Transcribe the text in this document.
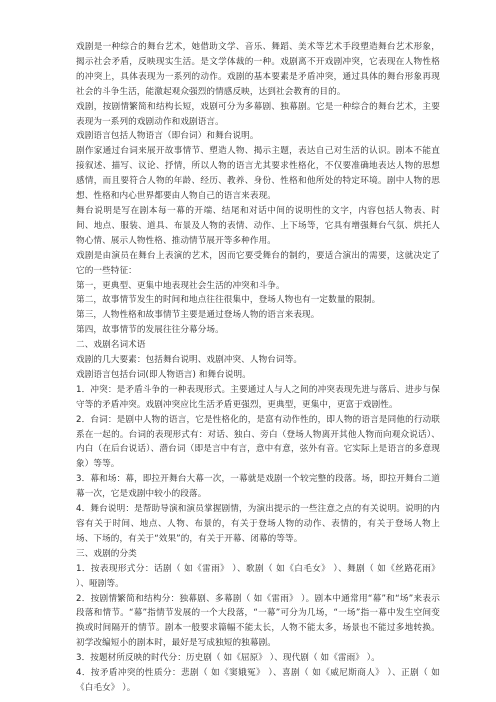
戏剧是一种综合的舞台艺术，她借助文学、音乐、舞蹈、美术等艺术手段塑造舞台艺术形象，揭示社会矛盾，反映现实生活。是文学体裁的一种。戏剧离不开戏剧冲突，它表现在人物性格的冲突上，具体表现为一系列的动作。戏剧的基本要素是矛盾冲突，通过具体的舞台形象再现社会的斗争生活，能激起观众强烈的情感反映，达到社会教育的目的。

戏剧，按剧情繁简和结构长短，戏剧可分为多幕剧、独幕剧。它是一种综合的舞台艺术，主要表现为一系列的戏剧动作和戏剧语言。

戏剧语言包括人物语言（即台词）和舞台说明。

剧作家通过台词来展开故事情节、塑造人物、揭示主题，表达自己对生活的认识。剧本不能直接叙述、描写、议论、抒情，所以人物的语言尤其要求性格化，不仅要准确地表达人物的思想感情，而且要符合人物的年龄、经历、教养、身份、性格和他所处的特定环境。剧中人物的思想、性格和内心世界都要由人物自己的语言来表现。

舞台说明是写在剧本每一幕的开端、结尾和对话中间的说明性的文字，内容包括人物表、时间、地点、服装、道具、布景及人物的表情、动作、上下场等，它具有增强舞台气氛、烘托人物心情、展示人物性格、推动情节展开等多种作用。

戏剧是由演员在舞台上表演的艺术，因而它要受舞台的制约，要适合演出的需要，这就决定了它的一些特征：

第一，更典型、更集中地表现社会生活的冲突和斗争。

第二，故事情节发生的时间和地点往往很集中，登场人物也有一定数量的限制。

第三，人物性格和故事情节主要是通过登场人物的语言来表现。

第四，故事情节的发展往往分幕分场。

二、戏剧名词术语

戏剧的几大要素：包括舞台说明、戏剧冲突、人物台词等。

戏剧语言包括台词(即人物语言) 和舞台说明。

1．冲突：是矛盾斗争的一种表现形式。主要通过人与人之间的冲突表现先进与落后、进步与保守等的矛盾冲突。戏剧冲突应比生活矛盾更强烈，更典型，更集中，更富于戏剧性。

2．台词：是剧中人物的语言，它是性格化的，是富有动作性的，即人物的语言是同他的行动联系在一起的。台词的表现形式有：对话、独白、旁白（登场人物离开其他人物而向观众说话）、内白（在后台说话）、潜台词（即是言中有言，意中有意，弦外有音。它实际上是语言的多意现象）等等。

3．幕和场：幕，即拉开舞台大幕一次，一幕就是戏剧一个较完整的段落。场，即拉开舞台二道幕一次，它是戏剧中较小的段落。

4．舞台说明：是帮助导演和演员掌握剧情，为演出提示的一些注意之点的有关说明。说明的内容有关于时间、地点、人物、布景的，有关于登场人物的动作、表情的，有关于登场人物上场、下场的，有关于“效果”的，有关于开幕、闭幕的等等。

三、戏剧的分类

1．按表现形式分：话剧（ 如《雷雨》 ）、歌剧（ 如《白毛女》 ）、舞剧（ 如《丝路花雨》 ）、哑剧等。

2．按剧情繁简和结构分：独幕剧、多幕剧（ 如《雷雨》 ）。剧本中通常用“幕”和“场”来表示段落和情节。“幕”指情节发展的一个大段落，“一幕”可分为几场，“一场”指一幕中发生空间变换或时间隔开的情节。剧本一般要求篇幅不能太长，人物不能太多，场景也不能过多地转换。初学改编短小的剧本时，最好是写成独短的独幕剧。

3．按题材所反映的时代分：历史剧（ 如《屈原》 ）、现代剧（ 如《雷雨》 ）。

4．按矛盾冲突的性质分：悲剧（ 如《窦娥冤》 ）、喜剧（ 如《威尼斯商人》 ）、正剧（ 如《白毛女》 ）。
